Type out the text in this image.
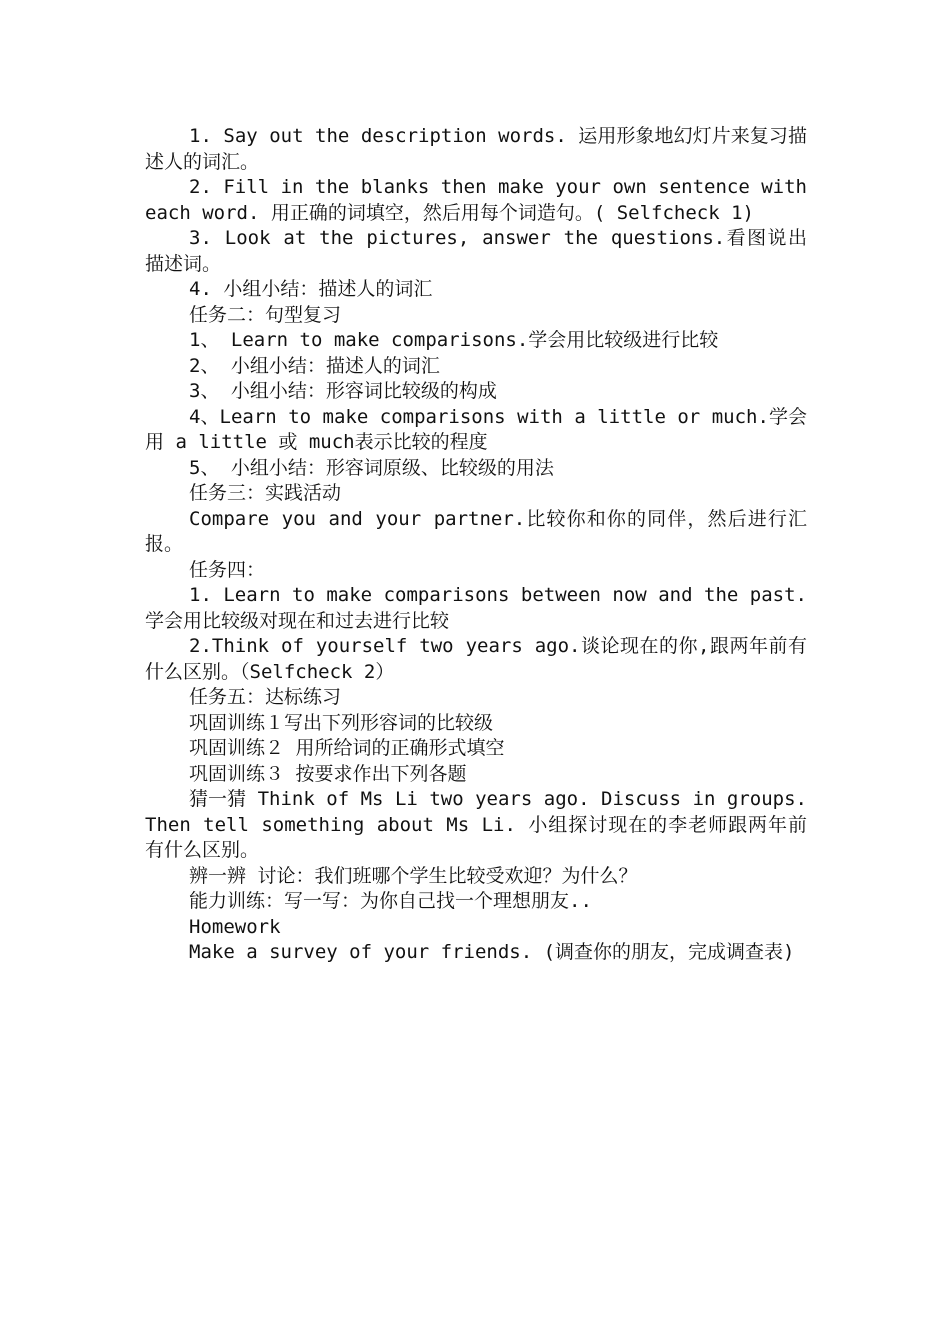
1. Say out the description words. 运用形象地幻灯片来复习描述人的词汇。

2. Fill in the blanks then make your own sentence with each word. 用正确的词填空，然后用每个词造句。( Selfcheck 1)

3. Look at the pictures, answer the questions.看图说出描述词。

4. 小组小结：描述人的词汇

任务二：句型复习

1、 Learn to make comparisons.学会用比较级进行比较

2、 小组小结：描述人的词汇

3、 小组小结：形容词比较级的构成

4、Learn to make comparisons with a little or much.学会用 a little 或 much表示比较的程度

5、 小组小结：形容词原级、比较级的用法

任务三：实践活动

Compare you and your partner.比较你和你的同伴，然后进行汇报。

任务四：

1. Learn to make comparisons between now and the past. 学会用比较级对现在和过去进行比较

2.Think of yourself two years ago.谈论现在的你,跟两年前有什么区别。（Selfcheck 2）

任务五：达标练习

巩固训练１写出下列形容词的比较级

巩固训练２ 用所给词的正确形式填空

巩固训练３ 按要求作出下列各题

猜一猜 Think of Ms Li two years ago. Discuss in groups. Then tell something about Ms Li. 小组探讨现在的李老师跟两年前有什么区别。

辨一辨 讨论：我们班哪个学生比较受欢迎？为什么？

能力训练：写一写：为你自己找一个理想朋友..

Homework

Make a survey of your friends. (调查你的朋友，完成调查表)
